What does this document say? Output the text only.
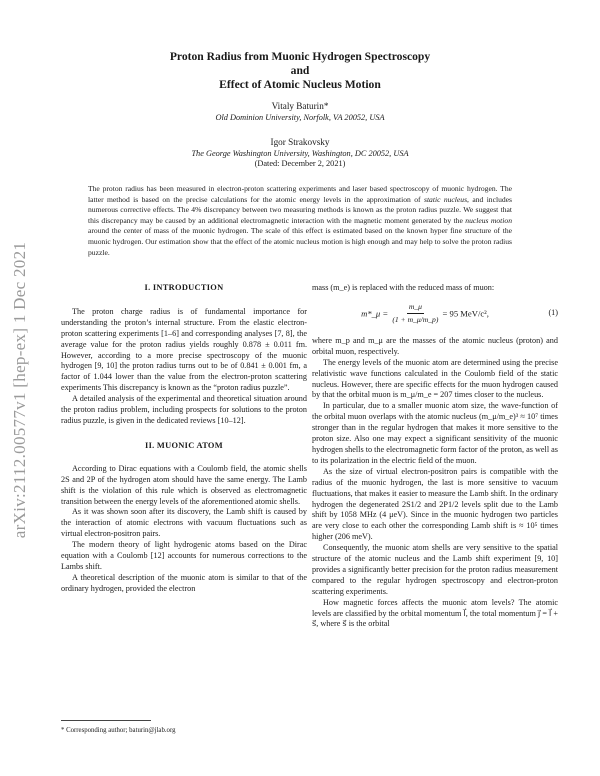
arXiv:2112.00577v1 [hep-ex] 1 Dec 2021
Proton Radius from Muonic Hydrogen Spectroscopy
and
Effect of Atomic Nucleus Motion
Vitaly Baturin*
Old Dominion University, Norfolk, VA 20052, USA
Igor Strakovsky
The George Washington University, Washington, DC 20052, USA
(Dated: December 2, 2021)
The proton radius has been measured in electron-proton scattering experiments and laser based spectroscopy of muonic hydrogen. The latter method is based on the precise calculations for the atomic energy levels in the approximation of static nucleus, and includes numerous corrective effects. The 4% discrepancy between two measuring methods is known as the proton radius puzzle. We suggest that this discrepancy may be caused by an additional electromagnetic interaction with the magnetic moment generated by the nucleus motion around the center of mass of the muonic hydrogen. The scale of this effect is estimated based on the known hyper fine structure of the muonic hydrogen. Our estimation show that the effect of the atomic nucleus motion is high enough and may help to solve the proton radius puzzle.
I. INTRODUCTION

The proton charge radius is of fundamental importance for understanding the proton’s internal structure. From the elastic electron-proton scattering experiments [1–6] and corresponding analyses [7, 8], the average value for the proton radius yields roughly 0.878 ± 0.011 fm. However, according to a more precise spectroscopy of the muonic hydrogen [9, 10] the proton radius turns out to be of 0.841 ± 0.001 fm, a factor of 1.044 lower than the value from the electron-proton scattering experiments This discrepancy is known as the “proton radius puzzle”.

A detailed analysis of the experimental and theoretical situation around the proton radius problem, including prospects for solutions to the proton radius puzzle, is given in the dedicated reviews [10–12].

II. MUONIC ATOM

According to Dirac equations with a Coulomb field, the atomic shells 2S and 2P of the hydrogen atom should have the same energy. The Lamb shift is the violation of this rule which is observed as electromagnetic transition between the energy levels of the aforementioned atomic shells.

As it was shown soon after its discovery, the Lamb shift is caused by the interaction of atomic electrons with vacuum fluctuations such as virtual electron-positron pairs.

The modern theory of light hydrogenic atoms based on the Dirac equation with a Coulomb [12] accounts for numerous corrections to the Lambs shift.

A theoretical description of the muonic atom is similar to that of the ordinary hydrogen, provided the electron

mass (m_e) is replaced with the reduced mass of muon:

m*_μ = $\frac{m\_\mu}{(1 + m\_\mu/m\_p)} = 95$ MeV/c²,	(1)

where m_p and m_μ are the masses of the atomic nucleus (proton) and orbital muon, respectively.

The energy levels of the muonic atom are determined using the precise relativistic wave functions calculated in the Coulomb field of the static nucleus. However, there are specific effects for the muon hydrogen caused by that the orbital muon is m_μ/m_e = 207 times closer to the nucleus.

In particular, due to a smaller muonic atom size, the wave-function of the orbital muon overlaps with the atomic nucleus (m_μ/m_e)³ ≈ 10⁷ times stronger than in the regular hydrogen that makes it more sensitive to the proton size. Also one may expect a significant sensitivity of the muonic hydrogen shells to the electromagnetic form factor of the proton, as well as to its polarization in the electric field of the muon.

As the size of virtual electron-positron pairs is compatible with the radius of the muonic hydrogen, the last is more sensitive to vacuum fluctuations, that makes it easier to measure the Lamb shift. In the ordinary hydrogen the degenerated 2S1/2 and 2P1/2 levels split due to the Lamb shift by 1058 MHz (4 μeV). Since in the muonic hydrogen two particles are very close to each other the corresponding Lamb shift is ≈ 10⁵ times higher (206 meV).

Consequently, the muonic atom shells are very sensitive to the spatial structure of the atomic nucleus and the Lamb shift experiment [9, 10] provides a significantly better precision for the proton radius measurement compared to the regular hydrogen spectroscopy and electron-proton scattering experiments.

How magnetic forces affects the muonic atom levels? The atomic levels are classified by the orbital momentum l⃗, the total momentum j⃗ = l⃗ + s⃗, where s⃗ is the orbital

* Corresponding author; baturin@jlab.org
